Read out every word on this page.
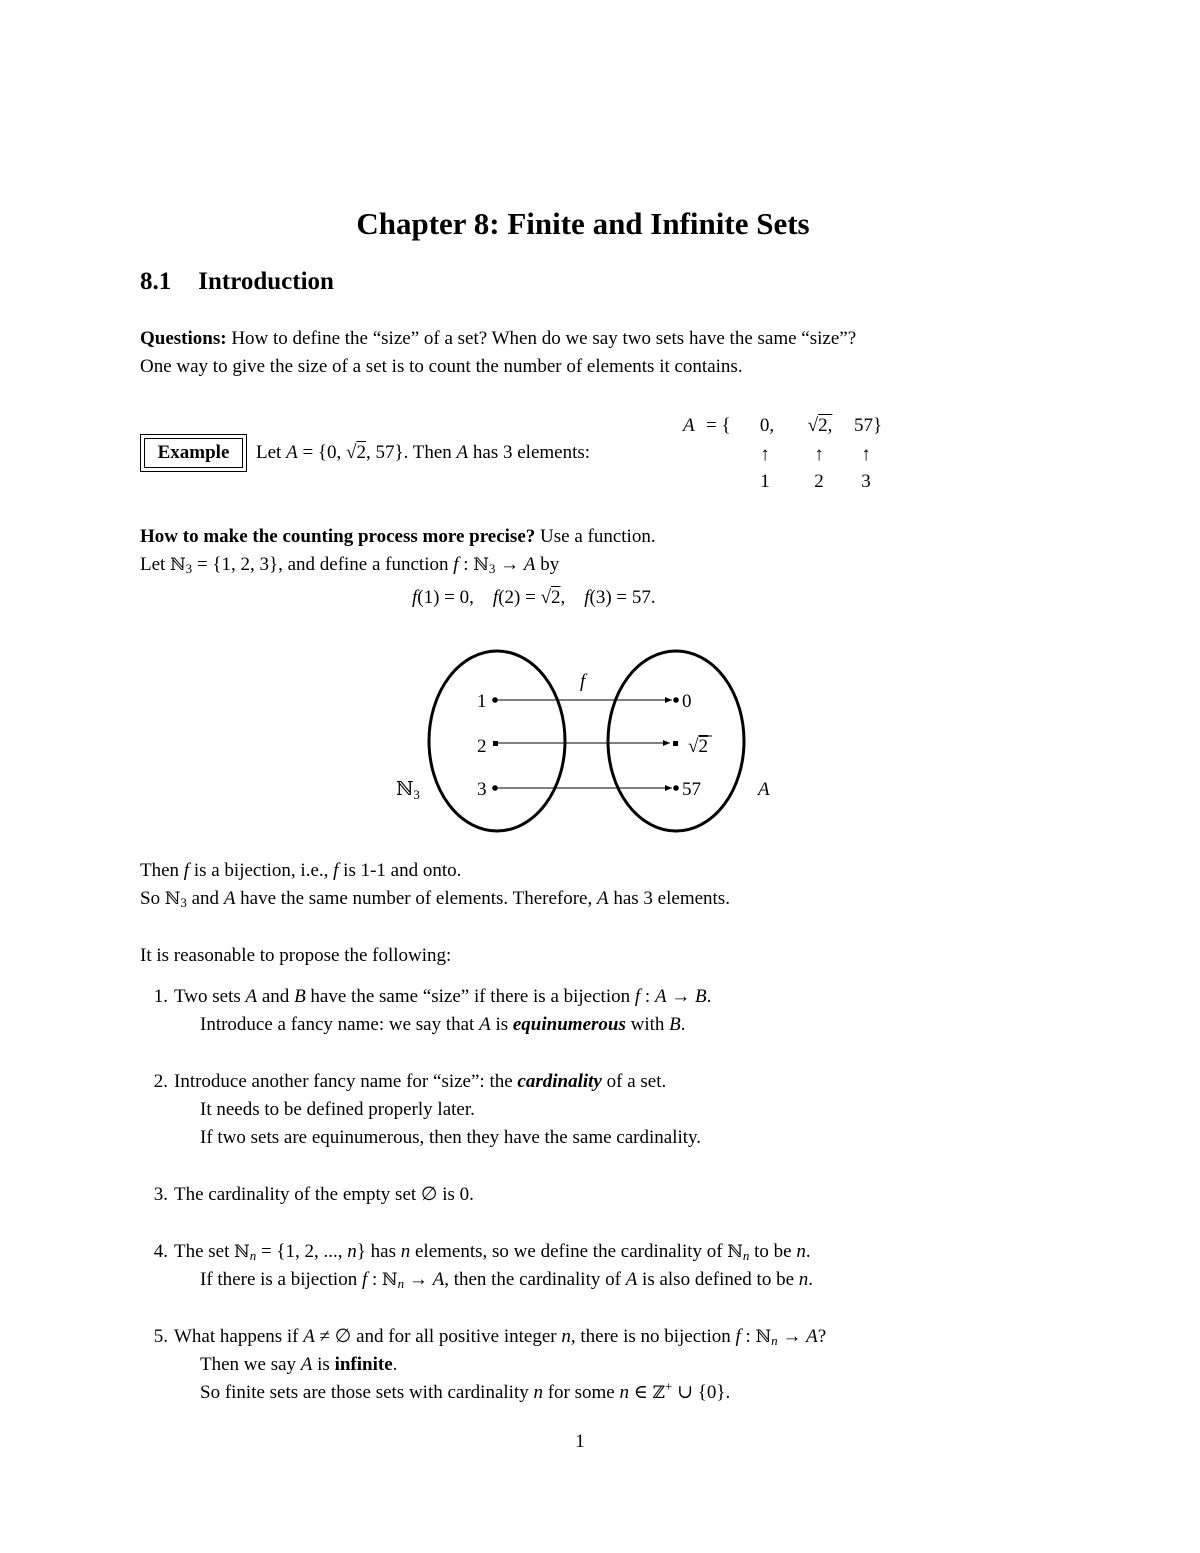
Chapter 8: Finite and Infinite Sets
8.1 Introduction
Questions: How to define the “size” of a set? When do we say two sets have the same “size”?
One way to give the size of a set is to count the number of elements it contains.
Example	Let A = {0, √2, 57}. Then A has 3 elements:
A = {	0,	√2,	57}
↑	↑	↑
1	2	3
How to make the counting process more precise? Use a function.
Let ℕ$_3$ = {1, 2, 3}, and define a function f : ℕ$_3$ → A by
f(1) = 0, f(2) = √2, f(3) = 57.
f
1
2
3
0
√2
57
ℕ$_3$	A
Then f is a bijection, i.e., f is 1-1 and onto.
So ℕ$_3$ and A have the same number of elements. Therefore, A has 3 elements.
It is reasonable to propose the following:
1. Two sets A and B have the same “size” if there is a bijection f : A → B.
Introduce a fancy name: we say that A is equinumerous with B.
2. Introduce another fancy name for “size”: the cardinality of a set.
It needs to be defined properly later.
If two sets are equinumerous, then they have the same cardinality.
3. The cardinality of the empty set ∅ is 0.
4. The set ℕ$_n$ = {1, 2, ..., n} has n elements, so we define the cardinality of ℕ$_n$ to be n.
If there is a bijection f : ℕ$_n$ → A, then the cardinality of A is also defined to be n.
5. What happens if A ≠ ∅ and for all positive integer n, there is no bijection f : ℕ$_n$ → A?
Then we say A is infinite.
So finite sets are those sets with cardinality n for some n ∈ ℤ+ ∪ {0}.
1
